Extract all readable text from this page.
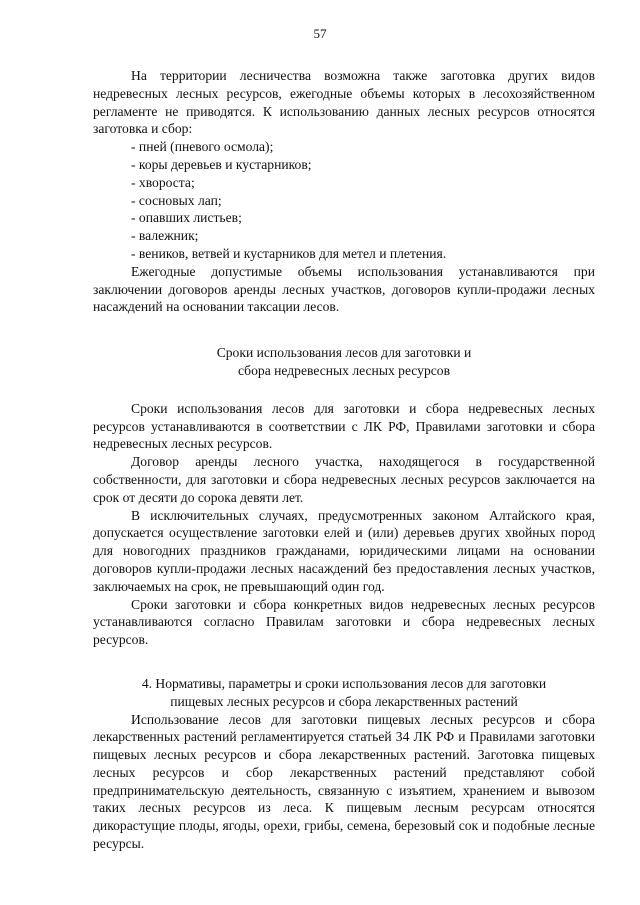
57

На территории лесничества возможна также заготовка других видов недревесных лесных ресурсов, ежегодные объемы которых в лесохозяйственном регламенте не приводятся. К использованию данных лесных ресурсов относятся заготовка и сбор:

- пней (пневого осмола);
- коры деревьев и кустарников;
- хвороста;
- сосновых лап;
- опавших листьев;
- валежник;
- веников, ветвей и кустарников для метел и плетения.

Ежегодные допустимые объемы использования устанавливаются при заключении договоров аренды лесных участков, договоров купли-продажи лесных насаждений на основании таксации лесов.

Сроки использования лесов для заготовки и

сбора недревесных лесных ресурсов

Сроки использования лесов для заготовки и сбора недревесных лесных ресурсов устанавливаются в соответствии с ЛК РФ, Правилами заготовки и сбора недревесных лесных ресурсов.

Договор аренды лесного участка, находящегося в государственной собственности, для заготовки и сбора недревесных лесных ресурсов заключается на срок от десяти до сорока девяти лет.

В исключительных случаях, предусмотренных законом Алтайского края, допускается осуществление заготовки елей и (или) деревьев других хвойных пород для новогодних праздников гражданами, юридическими лицами на основании договоров купли-продажи лесных насаждений без предоставления лесных участков, заключаемых на срок, не превышающий один год.

Сроки заготовки и сбора конкретных видов недревесных лесных ресурсов устанавливаются согласно Правилам заготовки и сбора недревесных лесных ресурсов.

4. Нормативы, параметры и сроки использования лесов для заготовки

пищевых лесных ресурсов и сбора лекарственных растений

Использование лесов для заготовки пищевых лесных ресурсов и сбора лекарственных растений регламентируется статьей 34 ЛК РФ и Правилами заготовки пищевых лесных ресурсов и сбора лекарственных растений. Заготовка пищевых лесных ресурсов и сбор лекарственных растений представляют собой предпринимательскую деятельность, связанную с изъятием, хранением и вывозом таких лесных ресурсов из леса. К пищевым лесным ресурсам относятся дикорастущие плоды, ягоды, орехи, грибы, семена, березовый сок и подобные лесные ресурсы.
